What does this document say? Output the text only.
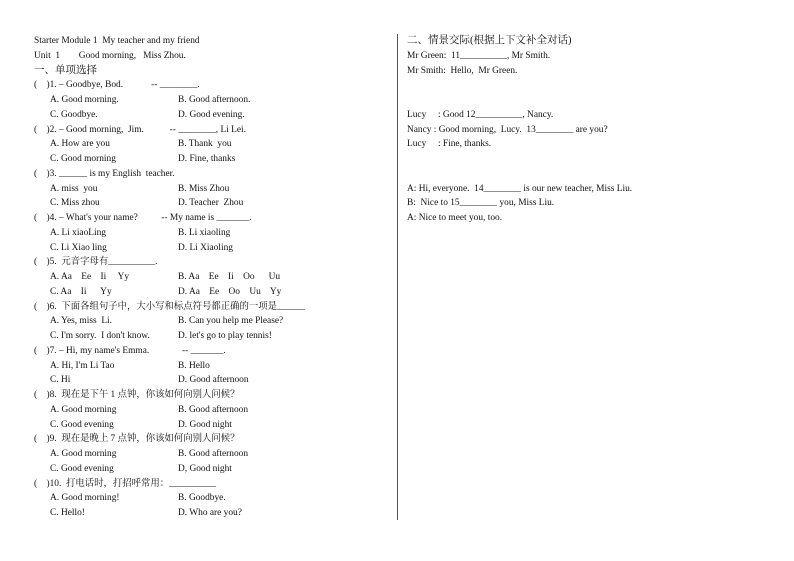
Starter Module 1  My teacher and my friend
Unit  1        Good morning,   Miss Zhou.
一、单项选择
(    )1. – Goodbye, Bod.            -- ________.
A. Good morning.	B. Good afternoon.
C. Goodbye.	D. Good evening.
(    )2. – Good morning,  Jim.           -- ________, Li Lei.
A. How are you	B. Thank  you
C. Good morning	D. Fine, thanks
(    )3. ______ is my English  teacher.
A. miss  you	B. Miss Zhou
C. Miss zhou	D. Teacher  Zhou
(    )4. – What's your name?          -- My name is _______.
A. Li xiaoLing	B. Li xiaoling
C. Li Xiao ling	D. Li Xiaoling
(    )5.  元音字母有__________.
A. Aa    Ee    Ii     Yy	B. Aa    Ee    Ii    Oo      Uu
C. Aa    Ii      Yy	D. Aa    Ee    Oo    Uu    Yy
(    )6.  下面各组句子中，大小写和标点符号都正确的一项是______
A. Yes, miss  Li.	B. Can you help me Please?
C. I'm sorry.  I don't know.	D. let's go to play tennis!
(    )7. – Hi, my name's Emma.              -- _______.
A. Hi, I'm Li Tao	B. Hello
C. Hi	D. Good afternoon
(    )8.  现在是下午 1 点钟，你该如何向别人问候？
A. Good morning	B. Good afternoon
C. Good evening	D. Good night
(    )9.  现在是晚上 7 点钟，你该如何向别人问候？
A. Good morning	B. Good afternoon
C. Good evening	D, Good night
(    )10.  打电话时，打招呼常用：__________
A. Good morning!	B. Goodbye.
C. Hello!	D. Who are you?
二、情景交际(根据上下文补全对话)
Mr Green:  11__________, Mr Smith.
Mr Smith:  Hello,  Mr Green.
Lucy     : Good 12__________, Nancy.
Nancy : Good morning,  Lucy.  13________ are you?
Lucy     : Fine, thanks.
A: Hi, everyone.  14________ is our new teacher, Miss Liu.
B:  Nice to 15________ you, Miss Liu.
A: Nice to meet you, too.
